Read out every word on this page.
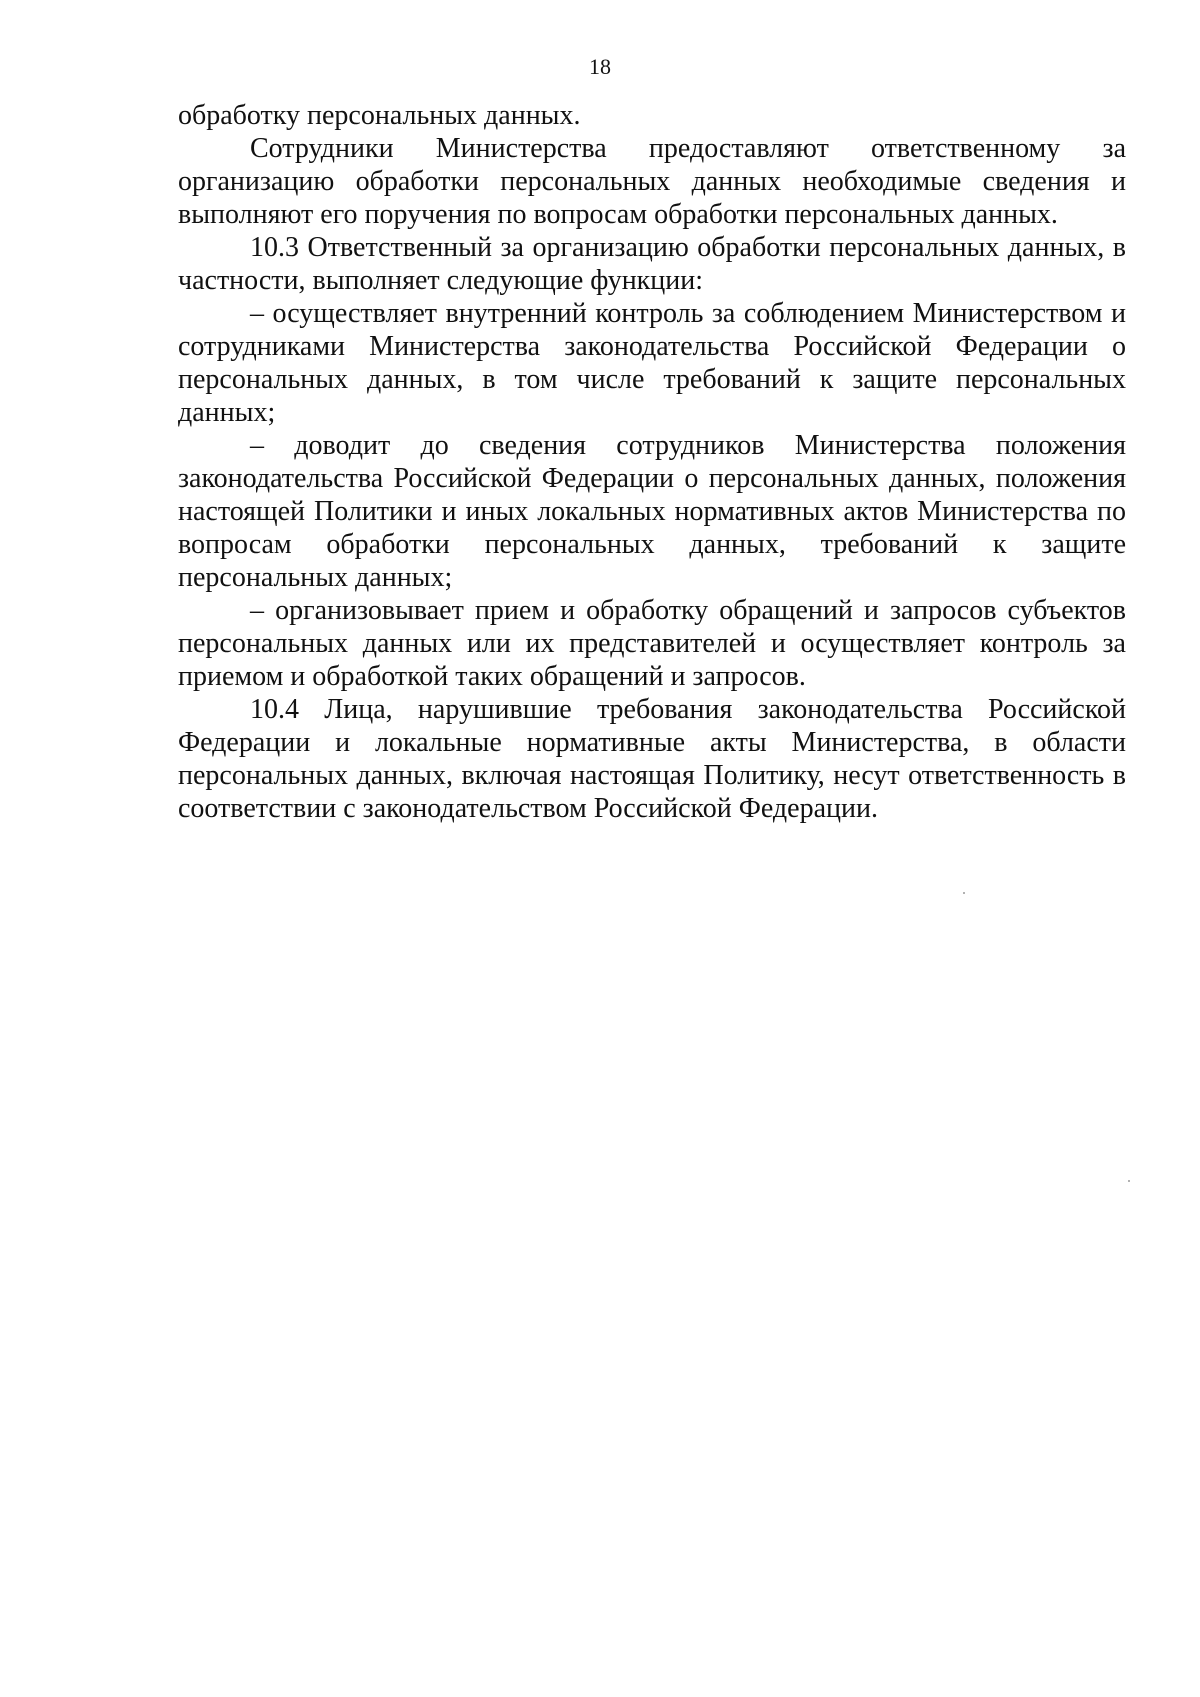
18

обработку персональных данных.

Сотрудники Министерства предоставляют ответственному за организацию обработки персональных данных необходимые сведения и выполняют его поручения по вопросам обработки персональных данных.

10.3 Ответственный за организацию обработки персональных данных, в частности, выполняет следующие функции:

– осуществляет внутренний контроль за соблюдением Министерством и сотрудниками Министерства законодательства Российской Федерации о персональных данных, в том числе требований к защите персональных данных;

– доводит до сведения сотрудников Министерства положения законодательства Российской Федерации о персональных данных, положения настоящей Политики и иных локальных нормативных актов Министерства по вопросам обработки персональных данных, требований к защите персональных данных;

– организовывает прием и обработку обращений и запросов субъектов персональных данных или их представителей и осуществляет контроль за приемом и обработкой таких обращений и запросов.

10.4 Лица, нарушившие требования законодательства Российской Федерации и локальные нормативные акты Министерства, в области персональных данных, включая настоящая Политику, несут ответственность в соответствии с законодательством Российской Федерации.
